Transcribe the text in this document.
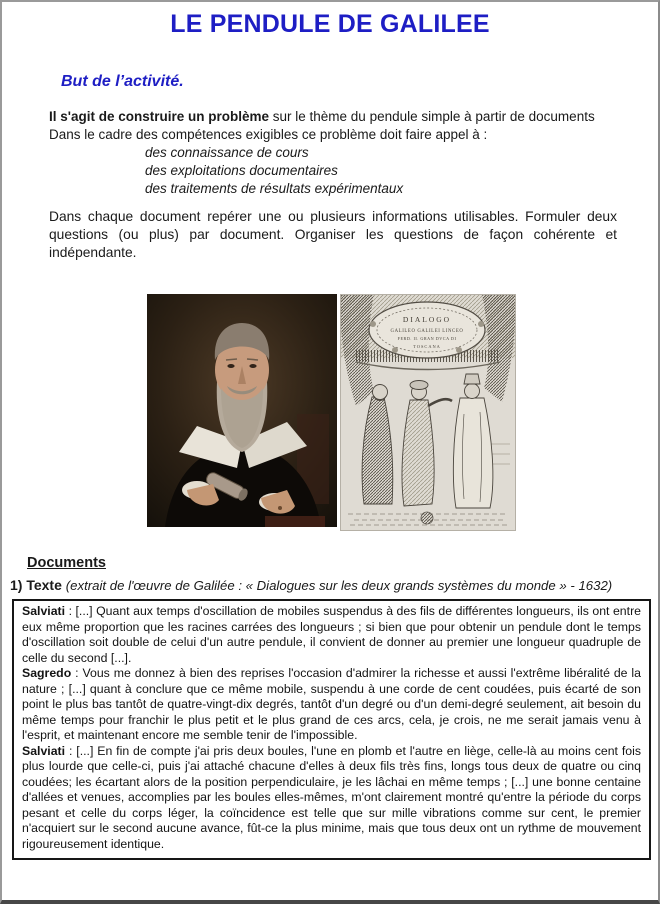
LE PENDULE DE GALILEE
But de l’activité.

Il s'agit de construire un problème sur le thème du pendule simple à partir de documents

Dans le cadre des compétences exigibles ce problème doit faire appel à :

des connaissance de cours
des exploitations documentaires
des traitements de résultats expérimentaux

Dans chaque document repérer une ou plusieurs informations utilisables. Formuler deux questions (ou plus) par document. Organiser les questions de façon cohérente et indépendante.

DIALOGO
GALILEO GALILEI LINCEO
FERD. II. GRAN DVCA DI
TOSCANA
Documents

1) Texte (extrait de l'œuvre de Galilée : « Dialogues sur les deux grands systèmes du monde » - 1632)

Salviati : [...] Quant aux temps d'oscillation de mobiles suspendus à des fils de différentes longueurs, ils ont entre eux même proportion que les racines carrées des longueurs ; si bien que pour obtenir un pendule dont le temps d'oscillation soit double de celui d'un autre pendule, il convient de donner au premier une longueur quadruple de celle du second [...].

Sagredo : Vous me donnez à bien des reprises l'occasion d'admirer la richesse et aussi l'extrême libéralité de la nature ; [...] quant à conclure que ce même mobile, suspendu à une corde de cent coudées, puis écarté de son point le plus bas tantôt de quatre-vingt-dix degrés, tantôt d'un degré ou d'un demi-degré seulement, ait besoin du même temps pour franchir le plus petit et le plus grand de ces arcs, cela, je crois, ne me serait jamais venu à l'esprit, et maintenant encore me semble tenir de l'impossible.

Salviati : [...] En fin de compte j'ai pris deux boules, l'une en plomb et l'autre en liège, celle-là au moins cent fois plus lourde que celle-ci, puis j'ai attaché chacune d'elles à deux fils très fins, longs tous deux de quatre ou cinq coudées; les écartant alors de la position perpendiculaire, je les lâchai en même temps ; [...] une bonne centaine d'allées et venues, accomplies par les boules elles-mêmes, m'ont clairement montré qu'entre la période du corps pesant et celle du corps léger, la coïncidence est telle que sur mille vibrations comme sur cent, le premier n'acquiert sur le second aucune avance, fût-ce la plus minime, mais que tous deux ont un rythme de mouvement rigoureusement identique.
